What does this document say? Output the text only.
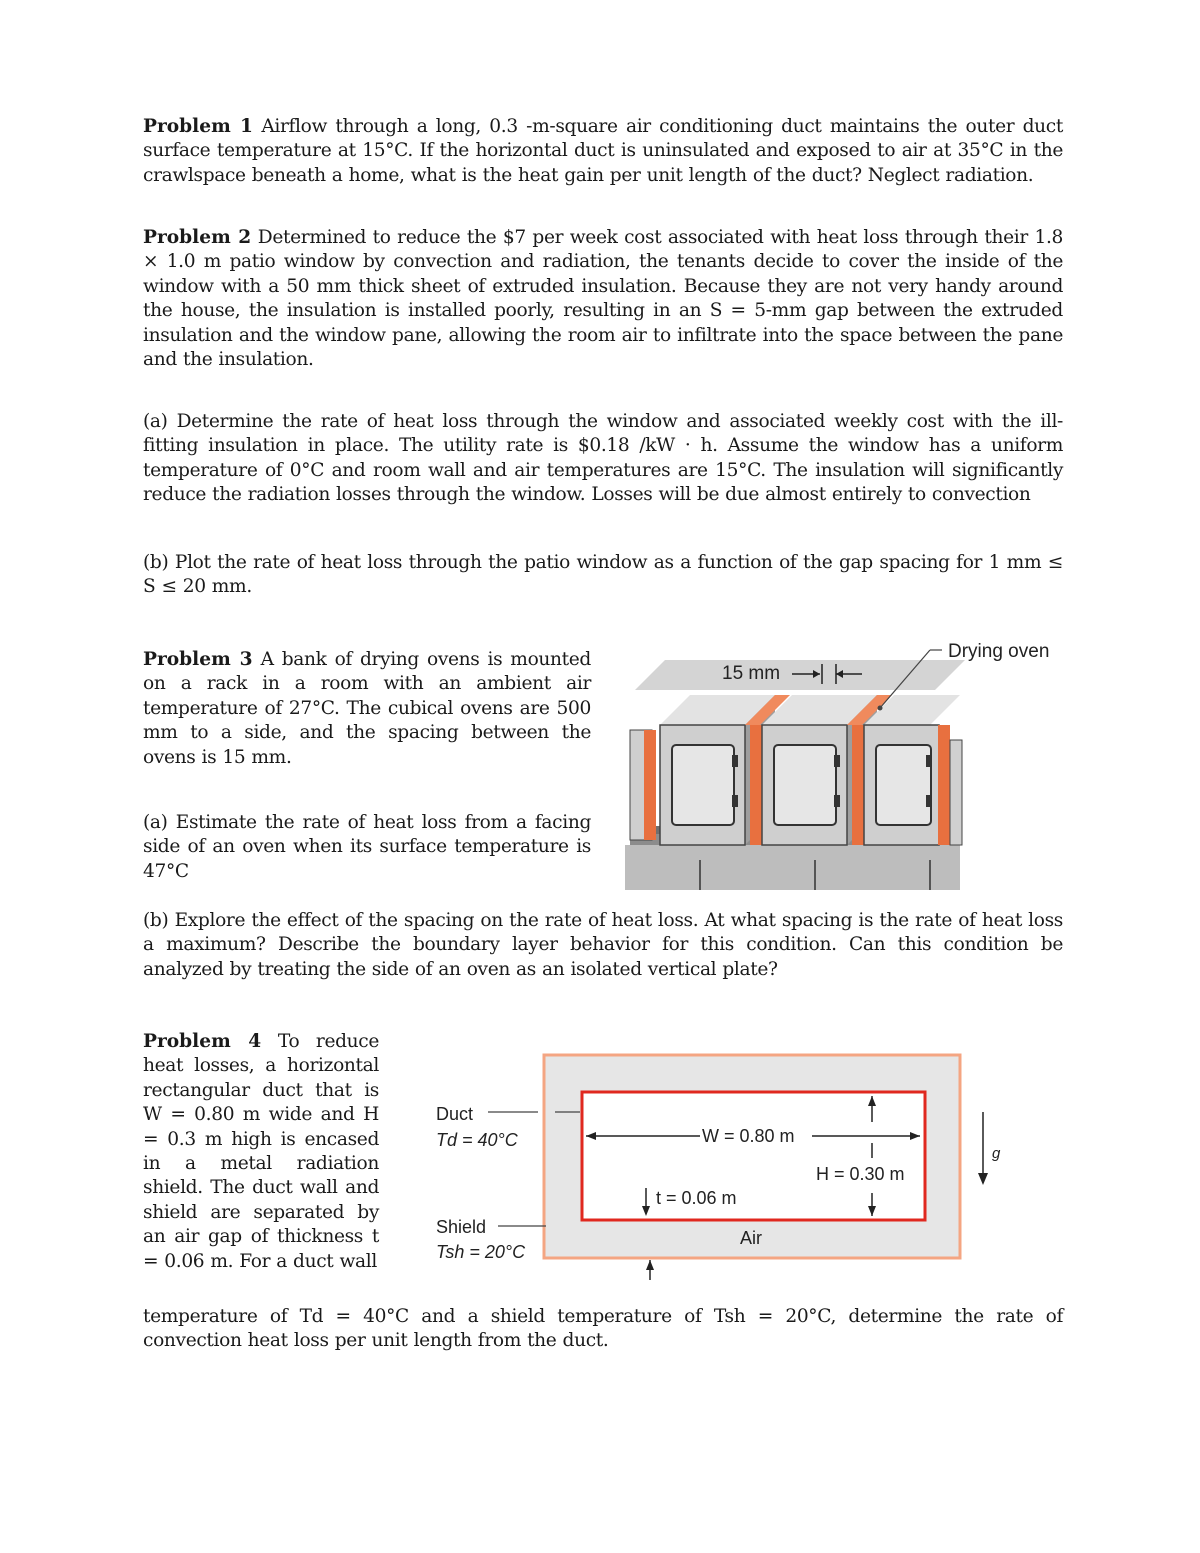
Problem 1 Airflow through a long, 0.3 -m-square air conditioning duct maintains the outer duct surface temperature at 15°C. If the horizontal duct is uninsulated and exposed to air at 35°C in the crawlspace beneath a home, what is the heat gain per unit length of the duct? Neglect radiation.

Problem 2 Determined to reduce the $7 per week cost associated with heat loss through their 1.8 × 1.0 m patio window by convection and radiation, the tenants decide to cover the inside of the window with a 50 mm thick sheet of extruded insulation. Because they are not very handy around the house, the insulation is installed poorly, resulting in an S = 5-mm gap between the extruded insulation and the window pane, allowing the room air to infiltrate into the space between the pane and the insulation.

(a) Determine the rate of heat loss through the window and associated weekly cost with the ill-fitting insulation in place. The utility rate is $0.18 /kW · h. Assume the window has a uniform temperature of 0°C and room wall and air temperatures are 15°C. The insulation will significantly reduce the radiation losses through the window. Losses will be due almost entirely to convection

(b) Plot the rate of heat loss through the patio window as a function of the gap spacing for 1 mm ≤ S ≤ 20 mm.

Problem 3 A bank of drying ovens is mounted on a rack in a room with an ambient air temperature of 27°C. The cubical ovens are 500 mm to a side, and the spacing between the ovens is 15 mm.

(a) Estimate the rate of heat loss from a facing side of an oven when its surface temperature is 47°C

15 mm
Drying oven

(b) Explore the effect of the spacing on the rate of heat loss. At what spacing is the rate of heat loss a maximum? Describe the boundary layer behavior for this condition. Can this condition be analyzed by treating the side of an oven as an isolated vertical plate?

Problem 4 To reduce heat losses, a horizontal rectangular duct that is W = 0.80 m wide and H = 0.3 m high is encased in a metal radiation shield. The duct wall and shield are separated by an air gap of thickness t = 0.06 m. For a duct wall

Duct
Td = 40°C
Shield
Tsh = 20°C
W = 0.80 m
H = 0.30 m
t = 0.06 m
Air
g

temperature of Td = 40°C and a shield temperature of Tsh = 20°C, determine the rate of convection heat loss per unit length from the duct.
